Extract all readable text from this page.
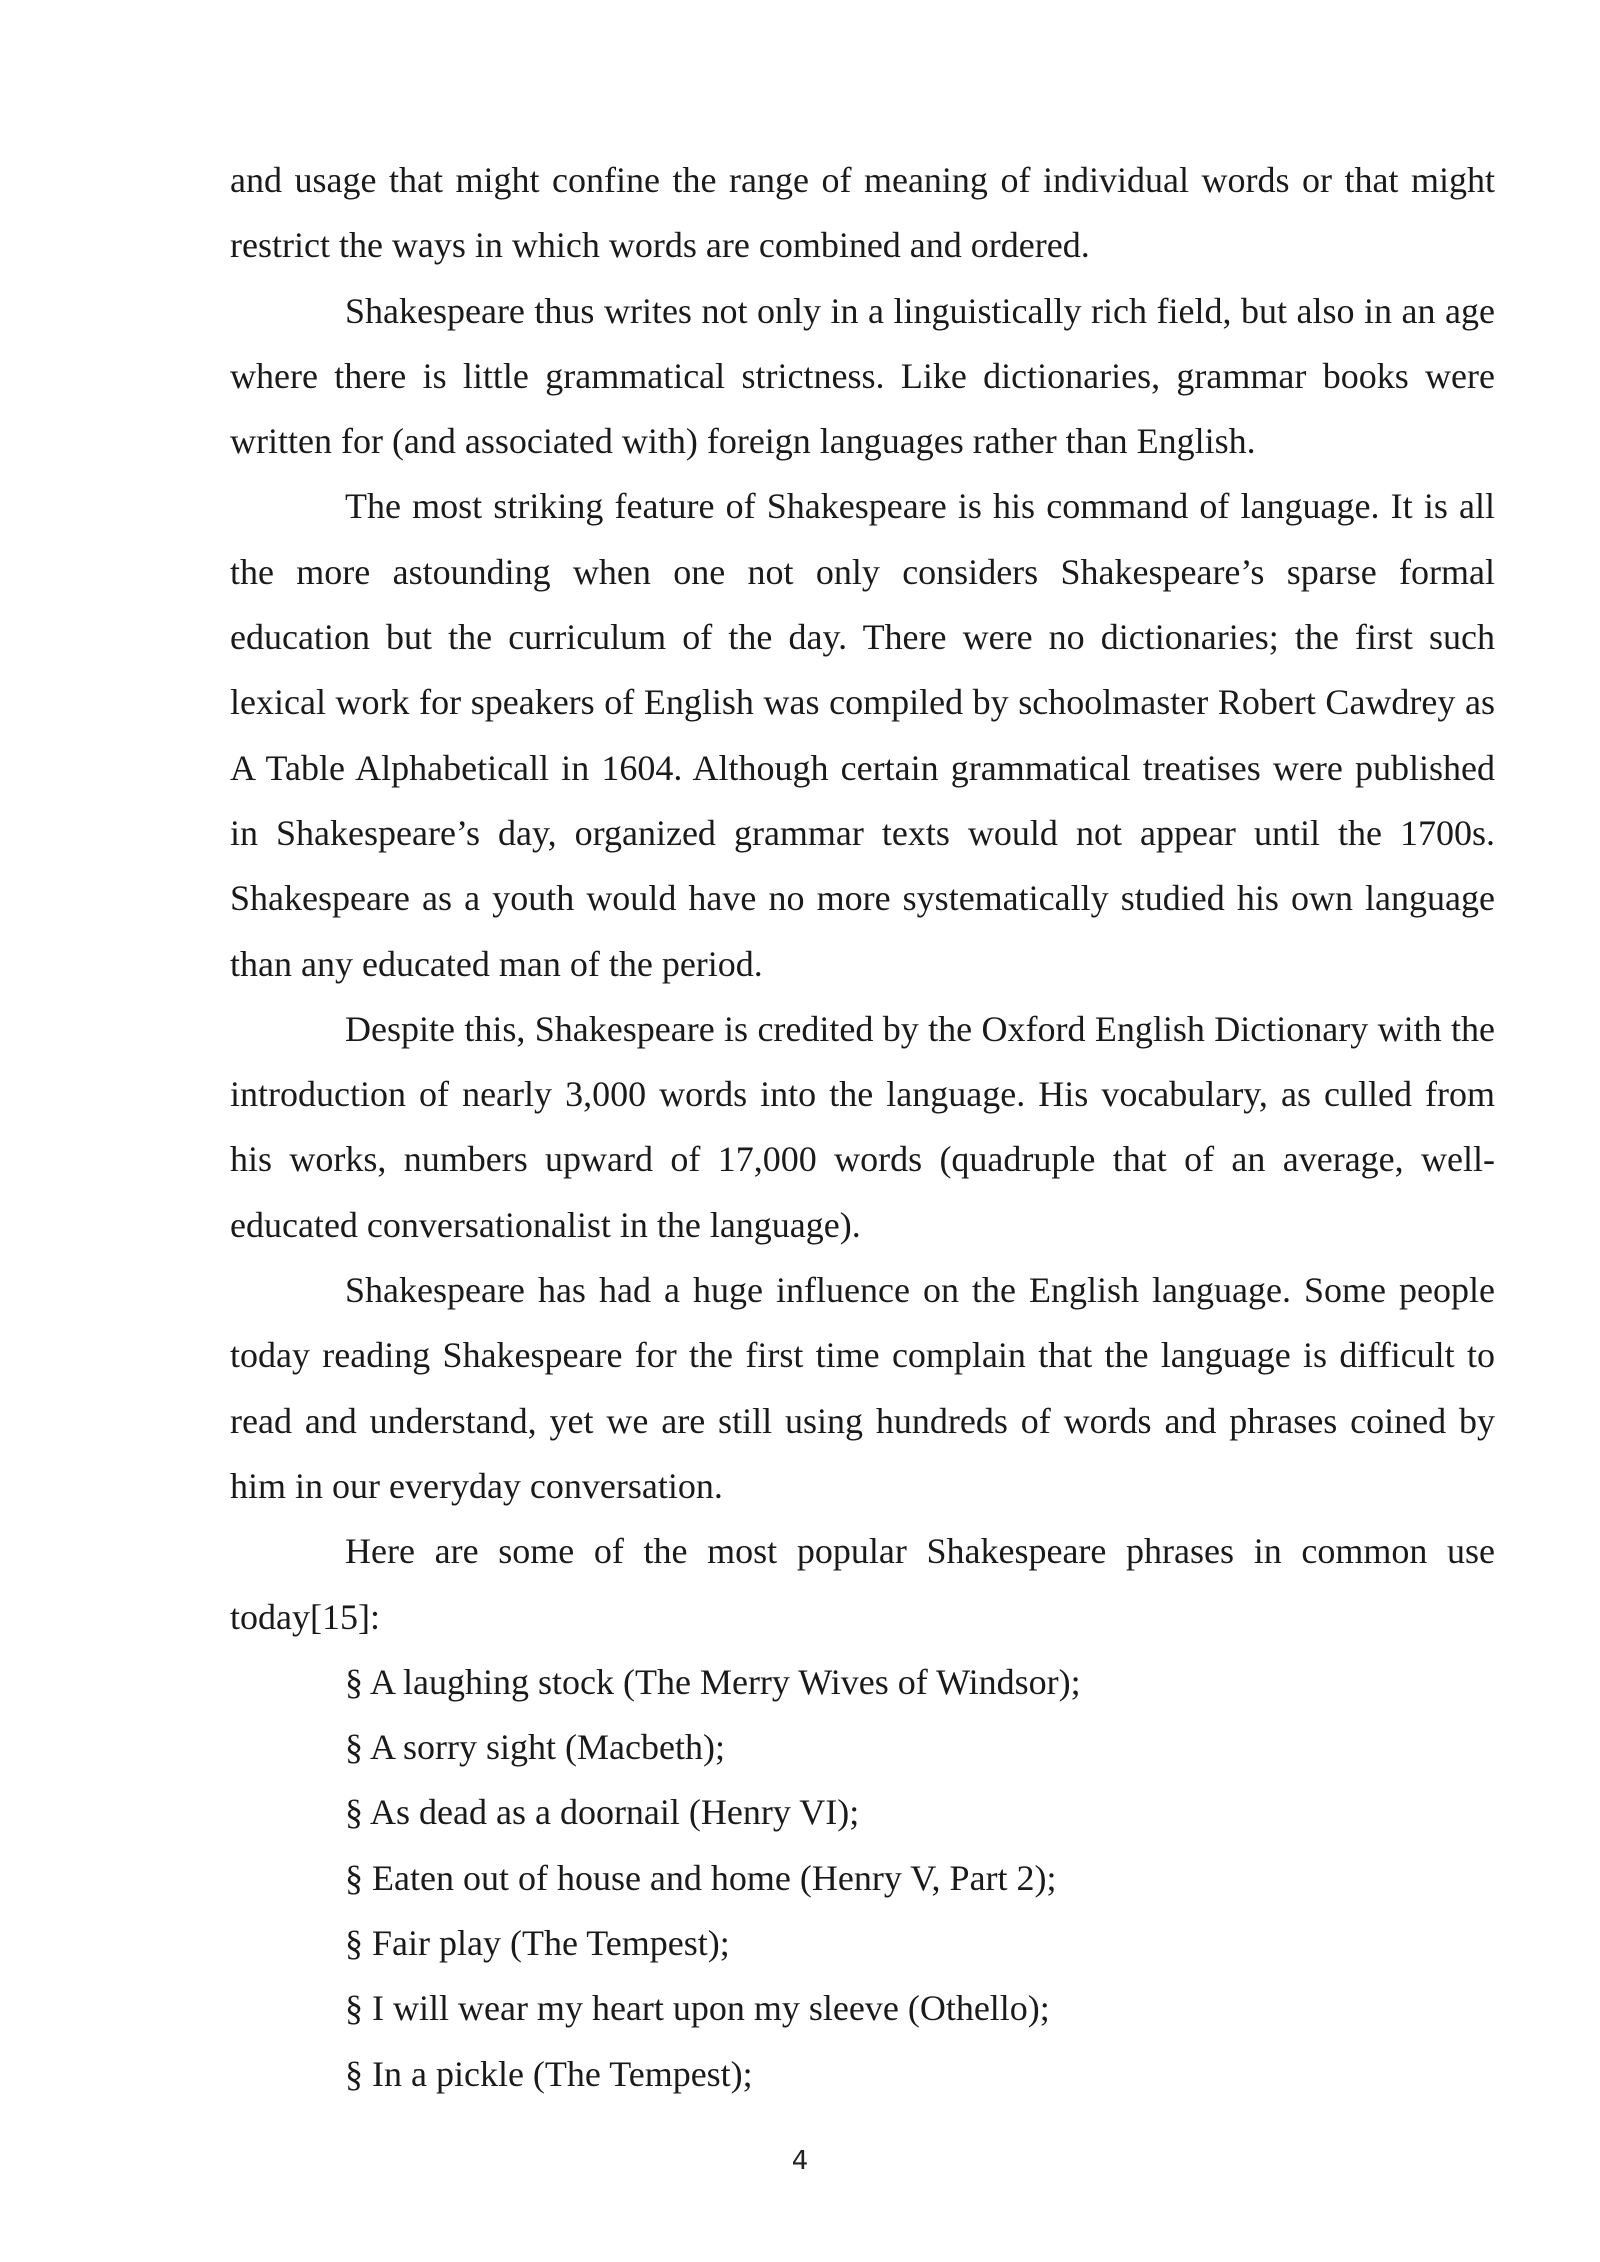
and usage that might confine the range of meaning of individual words or that might restrict the ways in which words are combined and ordered.

Shakespeare thus writes not only in a linguistically rich field, but also in an age where there is little grammatical strictness. Like dictionaries, grammar books were written for (and associated with) foreign languages rather than English.

The most striking feature of Shakespeare is his command of language. It is all the more astounding when one not only considers Shakespeare’s sparse formal education but the curriculum of the day. There were no dictionaries; the first such lexical work for speakers of English was compiled by schoolmaster Robert Cawdrey as A Table Alphabeticall in 1604. Although certain grammatical treatises were published in Shakespeare’s day, organized grammar texts would not appear until the 1700s. Shakespeare as a youth would have no more systematically studied his own language than any educated man of the period.

Despite this, Shakespeare is credited by the Oxford English Dictionary with the introduction of nearly 3,000 words into the language. His vocabulary, as culled from his works, numbers upward of 17,000 words (quadruple that of an average, well-educated conversationalist in the language).

Shakespeare has had a huge influence on the English language. Some people today reading Shakespeare for the first time complain that the language is difficult to read and understand, yet we are still using hundreds of words and phrases coined by him in our everyday conversation.

Here are some of the most popular Shakespeare phrases in common use today[15]:

§ A laughing stock (The Merry Wives of Windsor);
§ A sorry sight (Macbeth);
§ As dead as a doornail (Henry VI);
§ Eaten out of house and home (Henry V, Part 2);
§ Fair play (The Tempest);
§ I will wear my heart upon my sleeve (Othello);
§ In a pickle (The Tempest);
4
